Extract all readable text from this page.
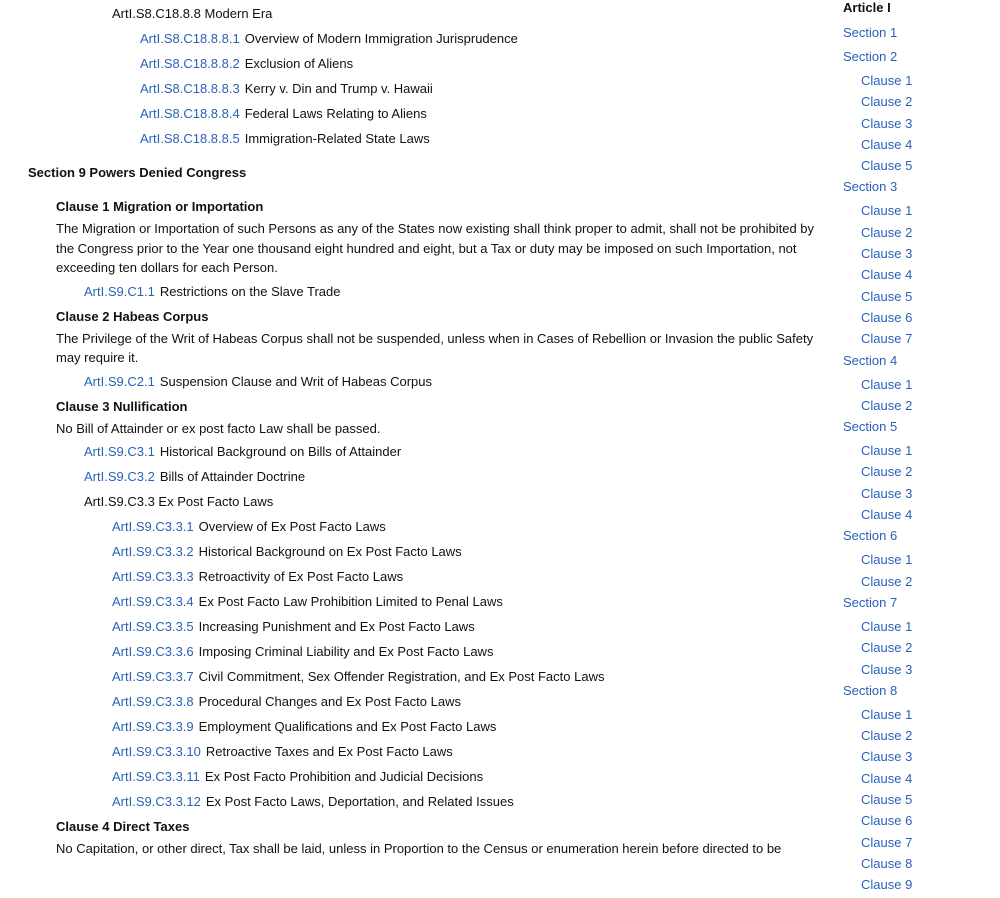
ArtI.S8.C18.8.8 Modern Era
ArtI.S8.C18.8.8.1 Overview of Modern Immigration Jurisprudence
ArtI.S8.C18.8.8.2 Exclusion of Aliens
ArtI.S8.C18.8.8.3 Kerry v. Din and Trump v. Hawaii
ArtI.S8.C18.8.8.4 Federal Laws Relating to Aliens
ArtI.S8.C18.8.8.5 Immigration-Related State Laws
Section 9 Powers Denied Congress
Clause 1 Migration or Importation
The Migration or Importation of such Persons as any of the States now existing shall think proper to admit, shall not be prohibited by the Congress prior to the Year one thousand eight hundred and eight, but a Tax or duty may be imposed on such Importation, not exceeding ten dollars for each Person.
ArtI.S9.C1.1 Restrictions on the Slave Trade
Clause 2 Habeas Corpus
The Privilege of the Writ of Habeas Corpus shall not be suspended, unless when in Cases of Rebellion or Invasion the public Safety may require it.
ArtI.S9.C2.1 Suspension Clause and Writ of Habeas Corpus
Clause 3 Nullification
No Bill of Attainder or ex post facto Law shall be passed.
ArtI.S9.C3.1 Historical Background on Bills of Attainder
ArtI.S9.C3.2 Bills of Attainder Doctrine
ArtI.S9.C3.3 Ex Post Facto Laws
ArtI.S9.C3.3.1 Overview of Ex Post Facto Laws
ArtI.S9.C3.3.2 Historical Background on Ex Post Facto Laws
ArtI.S9.C3.3.3 Retroactivity of Ex Post Facto Laws
ArtI.S9.C3.3.4 Ex Post Facto Law Prohibition Limited to Penal Laws
ArtI.S9.C3.3.5 Increasing Punishment and Ex Post Facto Laws
ArtI.S9.C3.3.6 Imposing Criminal Liability and Ex Post Facto Laws
ArtI.S9.C3.3.7 Civil Commitment, Sex Offender Registration, and Ex Post Facto Laws
ArtI.S9.C3.3.8 Procedural Changes and Ex Post Facto Laws
ArtI.S9.C3.3.9 Employment Qualifications and Ex Post Facto Laws
ArtI.S9.C3.3.10 Retroactive Taxes and Ex Post Facto Laws
ArtI.S9.C3.3.11 Ex Post Facto Prohibition and Judicial Decisions
ArtI.S9.C3.3.12 Ex Post Facto Laws, Deportation, and Related Issues
Clause 4 Direct Taxes
No Capitation, or other direct, Tax shall be laid, unless in Proportion to the Census or enumeration herein before directed to be
Article I
Section 1
Section 2
Clause 1
Clause 2
Clause 3
Clause 4
Clause 5
Section 3
Clause 1
Clause 2
Clause 3
Clause 4
Clause 5
Clause 6
Clause 7
Section 4
Clause 1
Clause 2
Section 5
Clause 1
Clause 2
Clause 3
Clause 4
Section 6
Clause 1
Clause 2
Section 7
Clause 1
Clause 2
Clause 3
Section 8
Clause 1
Clause 2
Clause 3
Clause 4
Clause 5
Clause 6
Clause 7
Clause 8
Clause 9
